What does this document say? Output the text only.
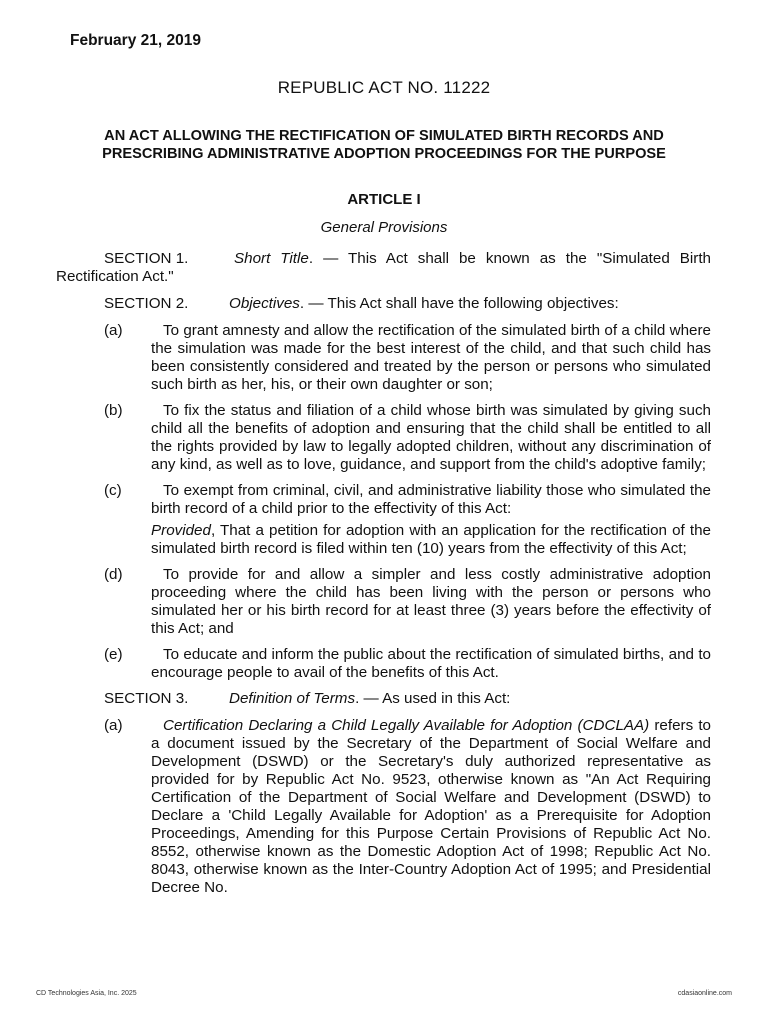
February 21, 2019
REPUBLIC ACT NO. 11222
AN ACT ALLOWING THE RECTIFICATION OF SIMULATED BIRTH RECORDS AND PRESCRIBING ADMINISTRATIVE ADOPTION PROCEEDINGS FOR THE PURPOSE
ARTICLE I
General Provisions

SECTION 1.	Short Title. — This Act shall be known as the "Simulated Birth Rectification Act."

SECTION 2.	Objectives. — This Act shall have the following objectives:

(a)	To grant amnesty and allow the rectification of the simulated birth of a child where the simulation was made for the best interest of the child, and that such child has been consistently considered and treated by the person or persons who simulated such birth as her, his, or their own daughter or son;
(b)	To fix the status and filiation of a child whose birth was simulated by giving such child all the benefits of adoption and ensuring that the child shall be entitled to all the rights provided by law to legally adopted children, without any discrimination of any kind, as well as to love, guidance, and support from the child's adoptive family;
(c)	To exempt from criminal, civil, and administrative liability those who simulated the birth record of a child prior to the effectivity of this Act:
Provided, That a petition for adoption with an application for the rectification of the simulated birth record is filed within ten (10) years from the effectivity of this Act;
(d)	To provide for and allow a simpler and less costly administrative adoption proceeding where the child has been living with the person or persons who simulated her or his birth record for at least three (3) years before the effectivity of this Act; and
(e)	To educate and inform the public about the rectification of simulated births, and to encourage people to avail of the benefits of this Act.

SECTION 3.	Definition of Terms. — As used in this Act:

(a)	Certification Declaring a Child Legally Available for Adoption (CDCLAA) refers to a document issued by the Secretary of the Department of Social Welfare and Development (DSWD) or the Secretary's duly authorized representative as provided for by Republic Act No. 9523, otherwise known as "An Act Requiring Certification of the Department of Social Welfare and Development (DSWD) to Declare a 'Child Legally Available for Adoption' as a Prerequisite for Adoption Proceedings, Amending for this Purpose Certain Provisions of Republic Act No. 8552, otherwise known as the Domestic Adoption Act of 1998; Republic Act No. 8043, otherwise known as the Inter-Country Adoption Act of 1995; and Presidential Decree No.
CD Technologies Asia, Inc. 2025	cdasiaonline.com
